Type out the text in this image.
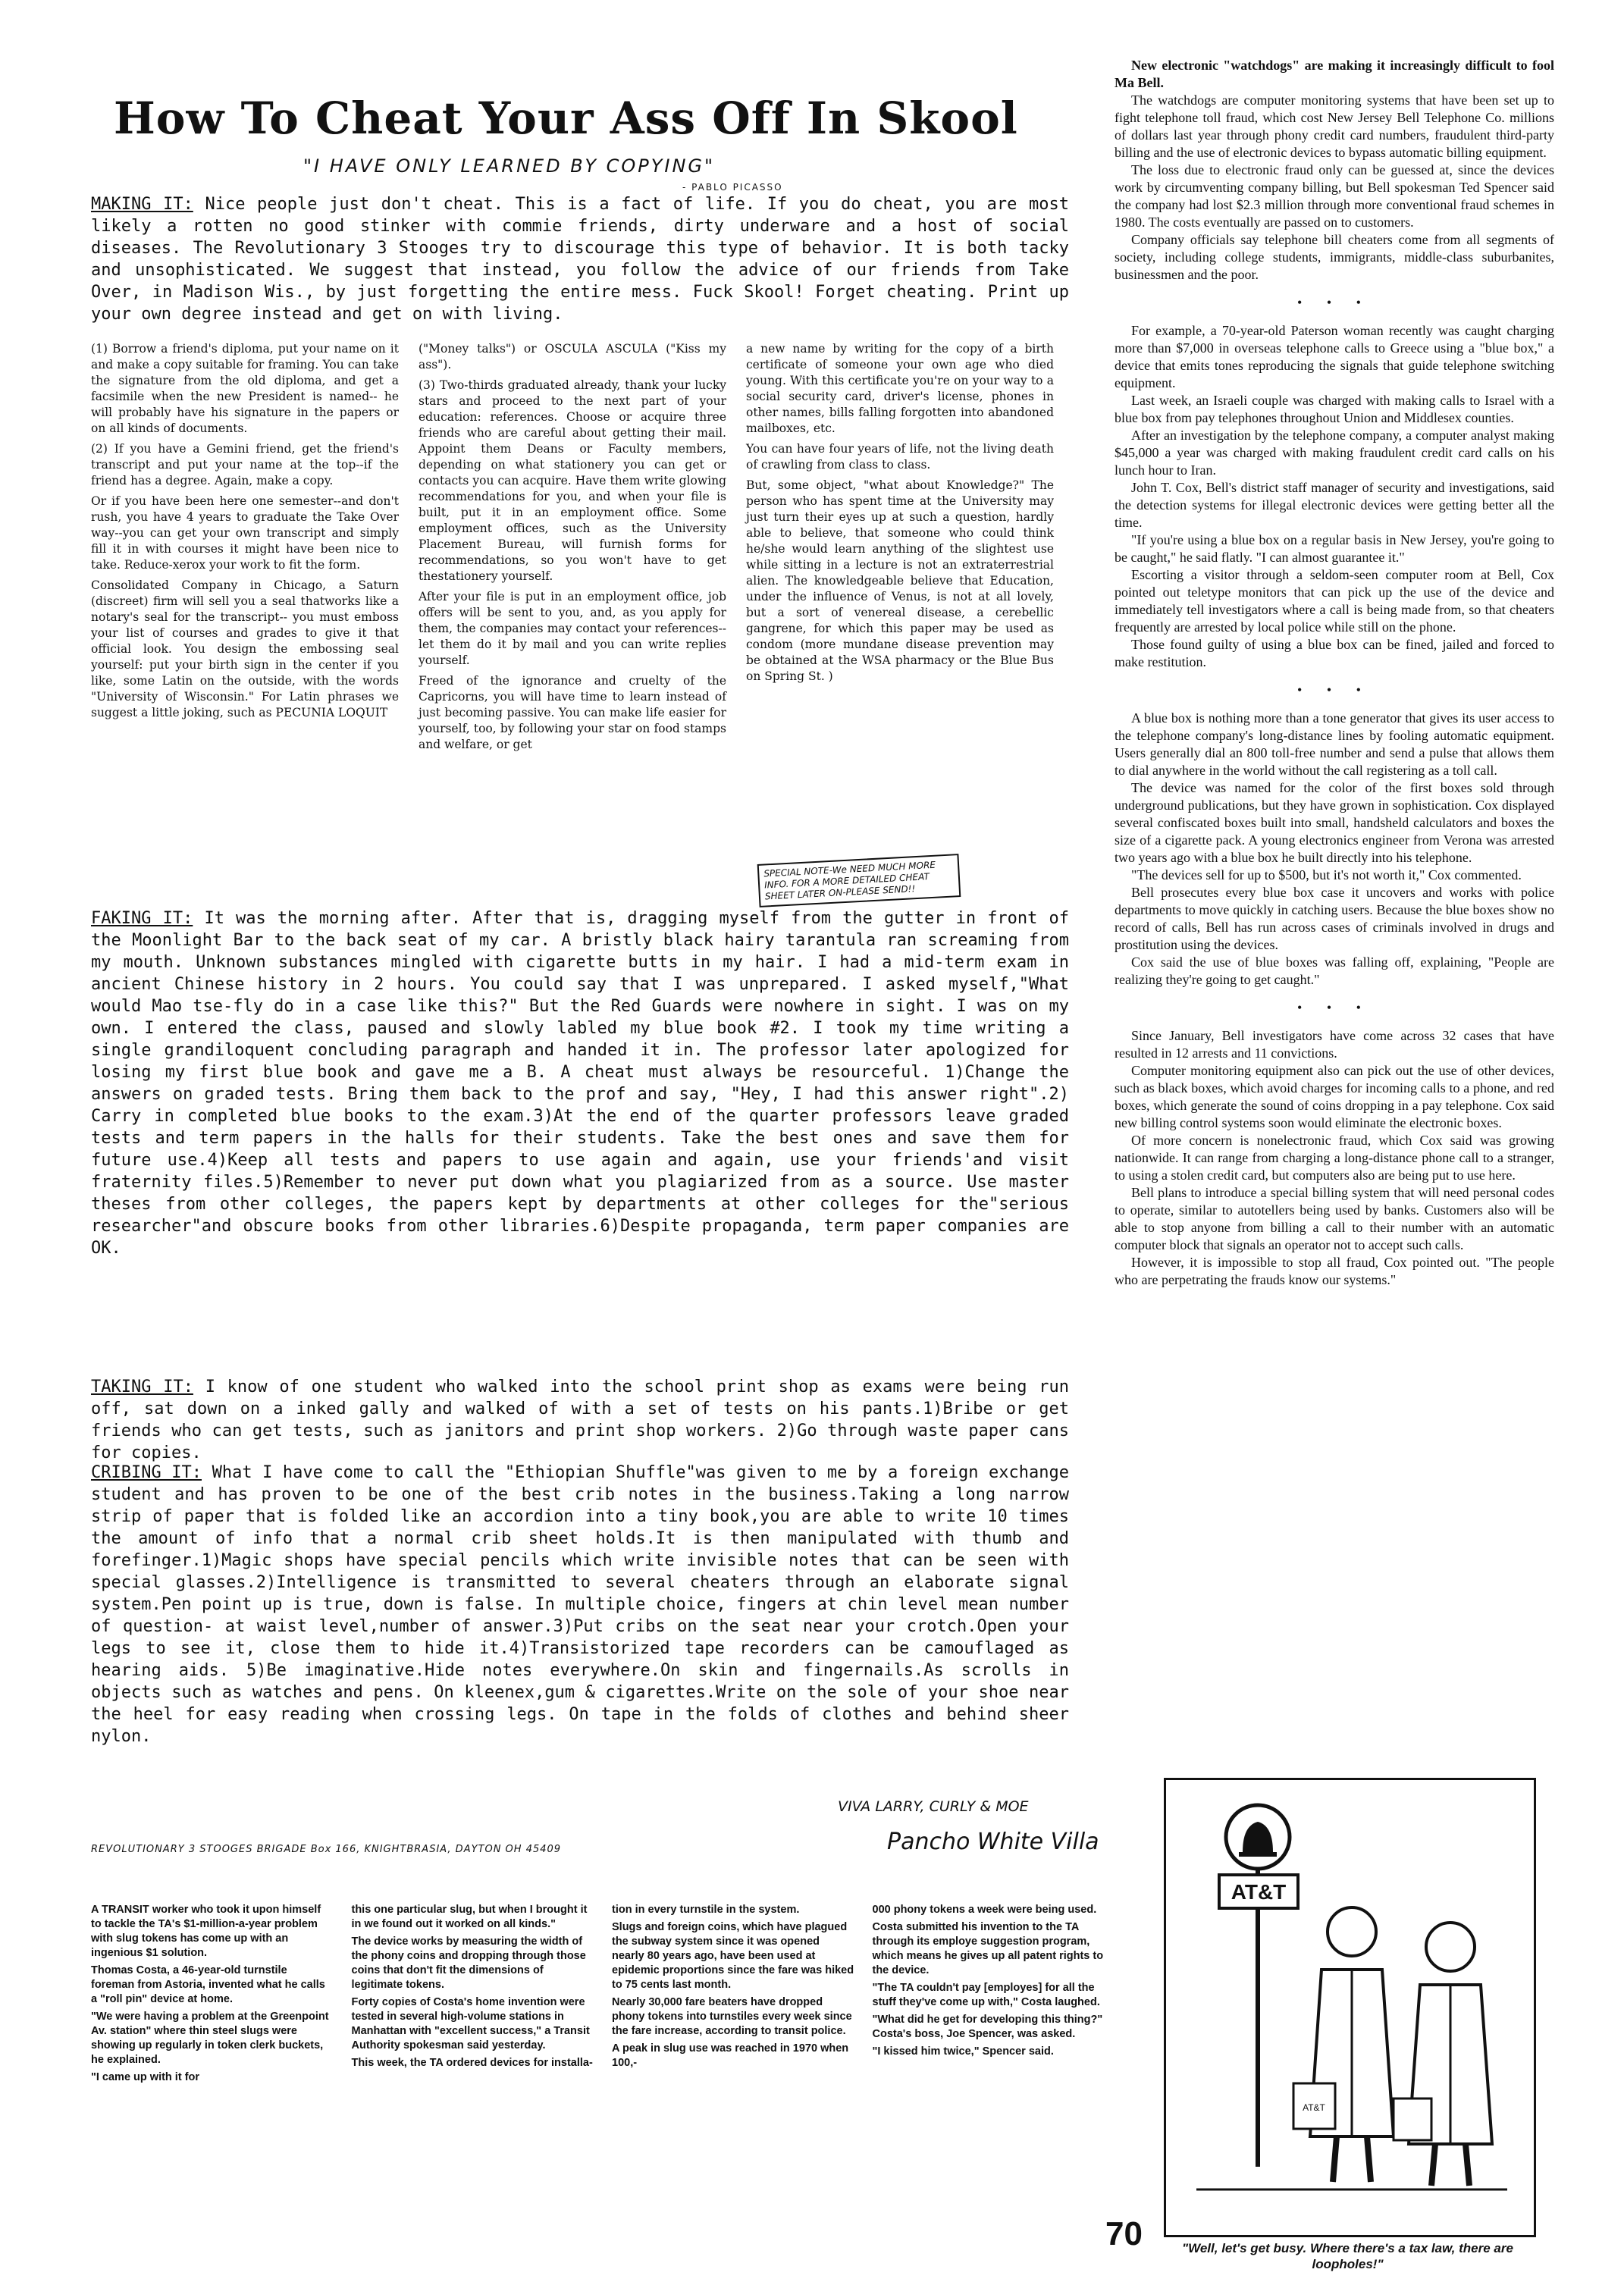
How To Cheat Your Ass Off In Skool
"I HAVE ONLY LEARNED BY COPYING"
- PABLO PICASSO
MAKING IT: Nice people just don't cheat. This is a fact of life. If you do cheat, you are most likely a rotten no good stinker with commie friends, dirty underware and a host of social diseases. The Revolutionary 3 Stooges try to discourage this type of behavior. It is both tacky and unsophisticated. We suggest that instead, you follow the advice of our friends from Take Over, in Madison Wis., by just forgetting the entire mess. Fuck Skool! Forget cheating. Print up your own degree instead and get on with living.

(1) Borrow a friend's diploma, put your name on it and make a copy suitable for framing. You can take the signature from the old diploma, and get a facsimile when the new President is named-- he will probably have his signature in the papers or on all kinds of documents.

(2) If you have a Gemini friend, get the friend's transcript and put your name at the top--if the friend has a degree. Again, make a copy.

Or if you have been here one semester--and don't rush, you have 4 years to graduate the Take Over way--you can get your own transcript and simply fill it in with courses it might have been nice to take. Reduce-xerox your work to fit the form.

Consolidated Company in Chicago, a Saturn (discreet) firm will sell you a seal thatworks like a notary's seal for the transcript-- you must emboss your list of courses and grades to give it that official look. You design the embossing seal yourself: put your birth sign in the center if you like, some Latin on the outside, with the words "University of Wisconsin." For Latin phrases we suggest a little joking, such as PECUNIA LOQUIT

("Money talks") or OSCULA ASCULA ("Kiss my ass").

(3) Two-thirds graduated already, thank your lucky stars and proceed to the next part of your education: references. Choose or acquire three friends who are careful about getting their mail. Appoint them Deans or Faculty members, depending on what stationery you can get or contacts you can acquire. Have them write glowing recommendations for you, and when your file is built, put it in an employment office. Some employment offices, such as the University Placement Bureau, will furnish forms for recommendations, so you won't have to get thestationery yourself.

After your file is put in an employment office, job offers will be sent to you, and, as you apply for them, the companies may contact your references-- let them do it by mail and you can write replies yourself.

Freed of the ignorance and cruelty of the Capricorns, you will have time to learn instead of just becoming passive. You can make life easier for yourself, too, by following your star on food stamps and welfare, or get

a new name by writing for the copy of a birth certificate of someone your own age who died young. With this certificate you're on your way to a social security card, driver's license, phones in other names, bills falling forgotten into abandoned mailboxes, etc.

You can have four years of life, not the living death of crawling from class to class.

But, some object, "what about Knowledge?" The person who has spent time at the University may just turn their eyes up at such a question, hardly able to believe, that someone who could think he/she would learn anything of the slightest use while sitting in a lecture is not an extraterrestrial alien. The knowledgeable believe that Education, under the influence of Venus, is not at all lovely, but a sort of venereal disease, a cerebellic gangrene, for which this paper may be used as condom (more mundane disease prevention may be obtained at the WSA pharmacy or the Blue Bus on Spring St. )

SPECIAL NOTE-We NEED MUCH MORE INFO. FOR A MORE DETAILED CHEAT SHEET LATER ON-PLEASE SEND!!
FAKING IT: It was the morning after. After that is, dragging myself from the gutter in front of the Moonlight Bar to the back seat of my car. A bristly black hairy tarantula ran screaming from my mouth. Unknown substances mingled with cigarette butts in my hair. I had a mid-term exam in ancient Chinese history in 2 hours. You could say that I was unprepared. I asked myself,"What would Mao tse-fly do in a case like this?" But the Red Guards were nowhere in sight. I was on my own. I entered the class, paused and slowly labled my blue book #2. I took my time writing a single grandiloquent concluding paragraph and handed it in. The professor later apologized for losing my first blue book and gave me a B. A cheat must always be resourceful. 1)Change the answers on graded tests. Bring them back to the prof and say, "Hey, I had this answer right".2) Carry in completed blue books to the exam.3)At the end of the quarter professors leave graded tests and term papers in the halls for their students. Take the best ones and save them for future use.4)Keep all tests and papers to use again and again, use your friends'and visit fraternity files.5)Remember to never put down what you plagiarized from as a source. Use master theses from other colleges, the papers kept by departments at other colleges for the"serious researcher"and obscure books from other libraries.6)Despite propaganda, term paper companies are OK.
TAKING IT: I know of one student who walked into the school print shop as exams were being run off, sat down on a inked gally and walked of with a set of tests on his pants.1)Bribe or get friends who can get tests, such as janitors and print shop workers. 2)Go through waste paper cans for copies.
CRIBING IT: What I have come to call the "Ethiopian Shuffle"was given to me by a foreign exchange student and has proven to be one of the best crib notes in the business.Taking a long narrow strip of paper that is folded like an accordion into a tiny book,you are able to write 10 times the amount of info that a normal crib sheet holds.It is then manipulated with thumb and forefinger.1)Magic shops have special pencils which write invisible notes that can be seen with special glasses.2)Intelligence is transmitted to several cheaters through an elaborate signal system.Pen point up is true, down is false. In multiple choice, fingers at chin level mean number of question- at waist level,number of answer.3)Put cribs on the seat near your crotch.Open your legs to see it, close them to hide it.4)Transistorized tape recorders can be camouflaged as hearing aids. 5)Be imaginative.Hide notes everywhere.On skin and fingernails.As scrolls in objects such as watches and pens. On kleenex,gum & cigarettes.Write on the sole of your shoe near the heel for easy reading when crossing legs. On tape in the folds of clothes and behind sheer nylon.
VIVA LARRY, CURLY & MOE
Pancho White Villa
REVOLUTIONARY 3 STOOGES BRIGADE Box 166, KNIGHTBRASIA, DAYTON OH 45409

New electronic "watchdogs" are making it increasingly difficult to fool Ma Bell.

The watchdogs are computer monitoring systems that have been set up to fight telephone toll fraud, which cost New Jersey Bell Telephone Co. millions of dollars last year through phony credit card numbers, fraudulent third-party billing and the use of electronic devices to bypass automatic billing equipment.

The loss due to electronic fraud only can be guessed at, since the devices work by circumventing company billing, but Bell spokesman Ted Spencer said the company had lost $2.3 million through more conventional fraud schemes in 1980. The costs eventually are passed on to customers.

Company officials say telephone bill cheaters come from all segments of society, including college students, immigrants, middle-class suburbanites, businessmen and the poor.

• • •

For example, a 70-year-old Paterson woman recently was caught charging more than $7,000 in overseas telephone calls to Greece using a "blue box," a device that emits tones reproducing the signals that guide telephone switching equipment.

Last week, an Israeli couple was charged with making calls to Israel with a blue box from pay telephones throughout Union and Middlesex counties.

After an investigation by the telephone company, a computer analyst making $45,000 a year was charged with making fraudulent credit card calls on his lunch hour to Iran.

John T. Cox, Bell's district staff manager of security and investigations, said the detection systems for illegal electronic devices were getting better all the time.

"If you're using a blue box on a regular basis in New Jersey, you're going to be caught," he said flatly. "I can almost guarantee it."

Escorting a visitor through a seldom-seen computer room at Bell, Cox pointed out teletype monitors that can pick up the use of the device and immediately tell investigators where a call is being made from, so that cheaters frequently are arrested by local police while still on the phone.

Those found guilty of using a blue box can be fined, jailed and forced to make restitution.

• • •

A blue box is nothing more than a tone generator that gives its user access to the telephone company's long-distance lines by fooling automatic equipment. Users generally dial an 800 toll-free number and send a pulse that allows them to dial anywhere in the world without the call registering as a toll call.

The device was named for the color of the first boxes sold through underground publications, but they have grown in sophistication. Cox displayed several confiscated boxes built into small, handsheld calculators and boxes the size of a cigarette pack. A young electronics engineer from Verona was arrested two years ago with a blue box he built directly into his telephone.

"The devices sell for up to $500, but it's not worth it," Cox commented.

Bell prosecutes every blue box case it uncovers and works with police departments to move quickly in catching users. Because the blue boxes show no record of calls, Bell has run across cases of criminals involved in drugs and prostitution using the devices.

Cox said the use of blue boxes was falling off, explaining, "People are realizing they're going to get caught."

• • •

Since January, Bell investigators have come across 32 cases that have resulted in 12 arrests and 11 convictions.

Computer monitoring equipment also can pick out the use of other devices, such as black boxes, which avoid charges for incoming calls to a phone, and red boxes, which generate the sound of coins dropping in a pay telephone. Cox said new billing control systems soon would eliminate the electronic boxes.

Of more concern is nonelectronic fraud, which Cox said was growing nationwide. It can range from charging a long-distance phone call to a stranger, to using a stolen credit card, but computers also are being put to use here.

Bell plans to introduce a special billing system that will need personal codes to operate, similar to autotellers being used by banks. Customers also will be able to stop anyone from billing a call to their number with an automatic computer block that signals an operator not to accept such calls.

However, it is impossible to stop all fraud, Cox pointed out. "The people who are perpetrating the frauds know our systems."

A TRANSIT worker who took it upon himself to tackle the TA's $1-million-a-year problem with slug tokens has come up with an ingenious $1 solution.

Thomas Costa, a 46-year-old turnstile foreman from Astoria, invented what he calls a "roll pin" device at home.

"We were having a problem at the Greenpoint Av. station" where thin steel slugs were showing up regularly in token clerk buckets, he explained.

"I came up with it for

this one particular slug, but when I brought it in we found out it worked on all kinds."

The device works by measuring the width of the phony coins and dropping through those coins that don't fit the dimensions of legitimate tokens.

Forty copies of Costa's home invention were tested in several high-volume stations in Manhattan with "excellent success," a Transit Authority spokesman said yesterday.

This week, the TA ordered devices for installa-

tion in every turnstile in the system.

Slugs and foreign coins, which have plagued the subway system since it was opened nearly 80 years ago, have been used at epidemic proportions since the fare was hiked to 75 cents last month.

Nearly 30,000 fare beaters have dropped phony tokens into turnstiles every week since the fare increase, according to transit police.

A peak in slug use was reached in 1970 when 100,-

000 phony tokens a week were being used.

Costa submitted his invention to the TA through its employe suggestion program, which means he gives up all patent rights to the device.

"The TA couldn't pay [employes] for all the stuff they've come up with," Costa laughed.

"What did he get for developing this thing?" Costa's boss, Joe Spencer, was asked.

"I kissed him twice," Spencer said.

70
AT&T
AT&T
"Well, let's get busy. Where there's a tax law, there are loopholes!"
